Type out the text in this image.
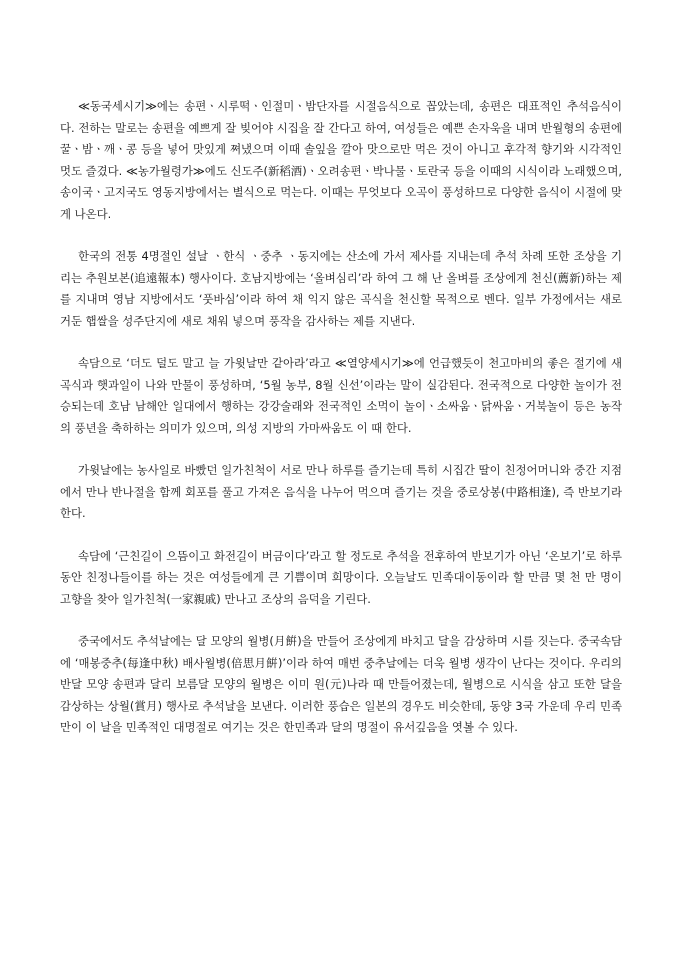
≪동국세시기≫에는 송편ㆍ시루떡ㆍ인절미ㆍ밤단자를 시절음식으로 꼽았는데, 송편은 대표적인 추석음식이다. 전하는 말로는 송편을 예쁘게 잘 빚어야 시집을 잘 간다고 하여, 여성들은 예쁜 손자욱을 내며 반월형의 송편에 꿀ㆍ밤ㆍ깨ㆍ콩 등을 넣어 맛있게 쪄냈으며 이때 솔잎을 깔아 맛으로만 먹은 것이 아니고 후각적 향기와 시각적인 멋도 즐겼다. ≪농가월령가≫에도 신도주(新稻酒)ㆍ오려송편ㆍ박나물ㆍ토란국 등을 이때의 시식이라 노래했으며, 송이국ㆍ고지국도 영동지방에서는 별식으로 먹는다. 이때는 무엇보다 오곡이 풍성하므로 다양한 음식이 시절에 맞게 나온다.

한국의 전통 4명절인 설날 ㆍ한식 ㆍ중추 ㆍ동지에는 산소에 가서 제사를 지내는데 추석 차례 또한 조상을 기리는 추원보본(追遠報本) 행사이다. 호남지방에는 ‘올벼심리’라 하여 그 해 난 올벼를 조상에게 천신(薦新)하는 제를 지내며 영남 지방에서도 ‘풋바심’이라 하여 채 익지 않은 곡식을 천신할 목적으로 벤다. 일부 가정에서는 새로 거둔 햅쌀을 성주단지에 새로 채워 넣으며 풍작을 감사하는 제를 지낸다.

속담으로 ‘더도 덜도 말고 늘 가윗날만 같아라’라고 ≪열양세시기≫에 언급했듯이 천고마비의 좋은 절기에 새 곡식과 햇과일이 나와 만물이 풍성하며, ‘5월 농부, 8월 신선’이라는 말이 실감된다. 전국적으로 다양한 놀이가 전승되는데 호남 남해안 일대에서 행하는 강강술래와 전국적인 소먹이 놀이ㆍ소싸움ㆍ닭싸움ㆍ거북놀이 등은 농작의 풍년을 축하하는 의미가 있으며, 의성 지방의 가마싸움도 이 때 한다.

가윗날에는 농사일로 바빴던 일가친척이 서로 만나 하루를 즐기는데 특히 시집간 딸이 친정어머니와 중간 지점에서 만나 반나절을 함께 회포를 풀고 가져온 음식을 나누어 먹으며 즐기는 것을 중로상봉(中路相逢), 즉 반보기라 한다.

속담에 ‘근친길이 으뜸이고 화전길이 버금이다’라고 할 정도로 추석을 전후하여 반보기가 아닌 ‘온보기’로 하루 동안 친정나들이를 하는 것은 여성들에게 큰 기쁨이며 희망이다. 오늘날도 민족대이동이라 할 만큼 몇 천 만 명이 고향을 찾아 일가친척(一家親戚) 만나고 조상의 음덕을 기린다.

중국에서도 추석날에는 달 모양의 월병(月餠)을 만들어 조상에게 바치고 달을 감상하며 시를 짓는다. 중국속담에 ‘매봉중추(每逢中秋) 배사월병(倍思月餠)’이라 하여 매번 중추날에는 더욱 월병 생각이 난다는 것이다. 우리의 반달 모양 송편과 달리 보름달 모양의 월병은 이미 원(元)나라 때 만들어졌는데, 월병으로 시식을 삼고 또한 달을 감상하는 상월(賞月) 행사로 추석날을 보낸다. 이러한 풍습은 일본의 경우도 비슷한데, 동양 3국 가운데 우리 민족만이 이 날을 민족적인 대명절로 여기는 것은 한민족과 달의 명절이 유서깊음을 엿볼 수 있다.
